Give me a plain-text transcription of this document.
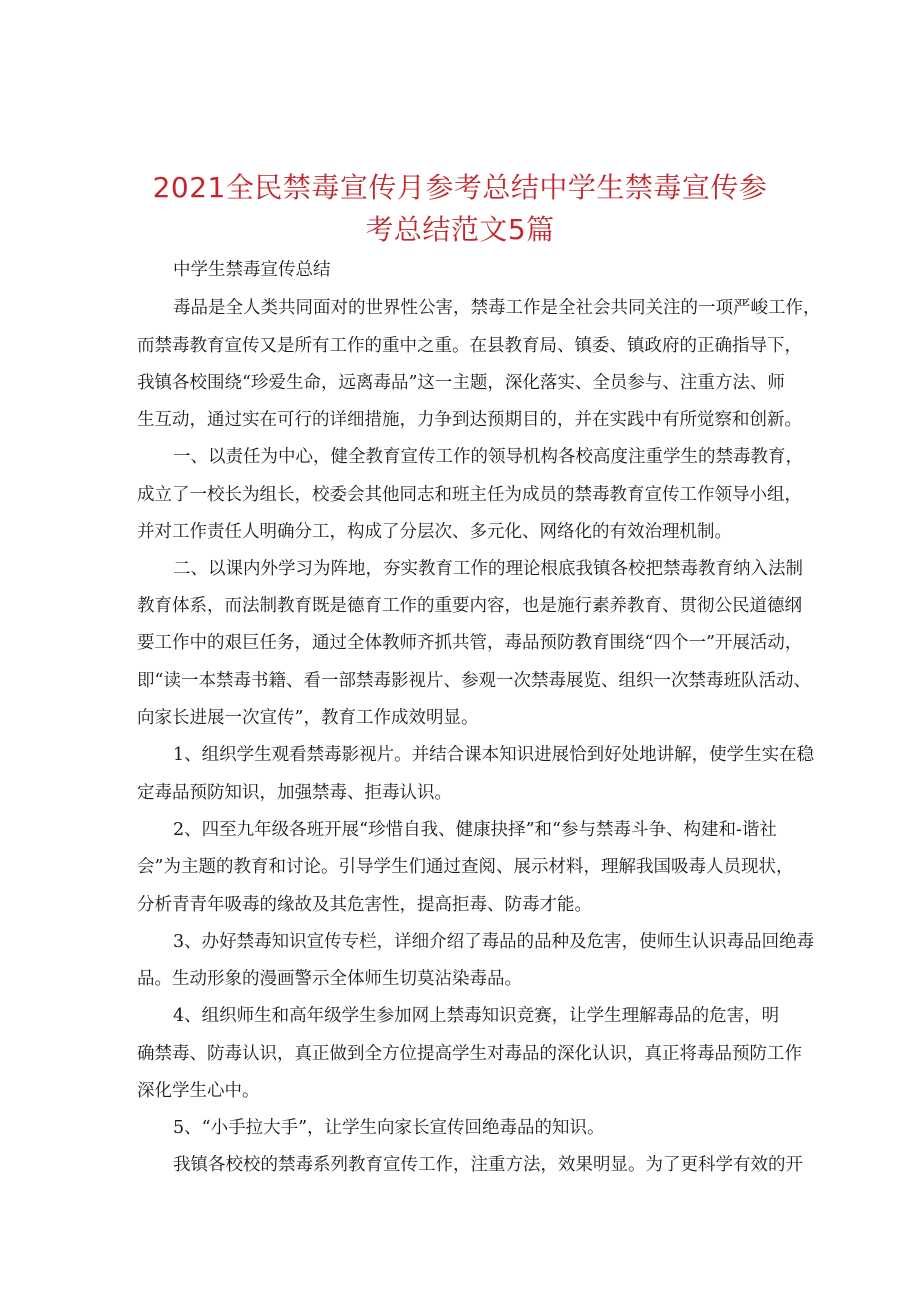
2021全民禁毒宣传月参考总结中学生禁毒宣传参
考总结范文5篇
中学生禁毒宣传总结
毒品是全人类共同面对的世界性公害，禁毒工作是全社会共同关注的一项严峻工作，
而禁毒教育宣传又是所有工作的重中之重。在县教育局、镇委、镇政府的正确指导下，
我镇各校围绕“珍爱生命，远离毒品”这一主题，深化落实、全员参与、注重方法、师
生互动，通过实在可行的详细措施，力争到达预期目的，并在实践中有所觉察和创新。
一、以责任为中心，健全教育宣传工作的领导机构各校高度注重学生的禁毒教育，
成立了一校长为组长，校委会其他同志和班主任为成员的禁毒教育宣传工作领导小组，
并对工作责任人明确分工，构成了分层次、多元化、网络化的有效治理机制。
二、以课内外学习为阵地，夯实教育工作的理论根底我镇各校把禁毒教育纳入法制
教育体系，而法制教育既是德育工作的重要内容，也是施行素养教育、贯彻公民道德纲
要工作中的艰巨任务，通过全体教师齐抓共管，毒品预防教育围绕“四个一”开展活动，
即“读一本禁毒书籍、看一部禁毒影视片、参观一次禁毒展览、组织一次禁毒班队活动、
向家长进展一次宣传”，教育工作成效明显。
1、组织学生观看禁毒影视片。并结合课本知识进展恰到好处地讲解，使学生实在稳
定毒品预防知识，加强禁毒、拒毒认识。
2、四至九年级各班开展“珍惜自我、健康抉择”和“参与禁毒斗争、构建和-谐社
会”为主题的教育和讨论。引导学生们通过查阅、展示材料，理解我国吸毒人员现状，
分析青青年吸毒的缘故及其危害性，提高拒毒、防毒才能。
3、办好禁毒知识宣传专栏，详细介绍了毒品的品种及危害，使师生认识毒品回绝毒
品。生动形象的漫画警示全体师生切莫沾染毒品。
4、组织师生和高年级学生参加网上禁毒知识竞赛，让学生理解毒品的危害，明
确禁毒、防毒认识，真正做到全方位提高学生对毒品的深化认识，真正将毒品预防工作
深化学生心中。
5、“小手拉大手”，让学生向家长宣传回绝毒品的知识。
我镇各校校的禁毒系列教育宣传工作，注重方法，效果明显。为了更科学有效的开
